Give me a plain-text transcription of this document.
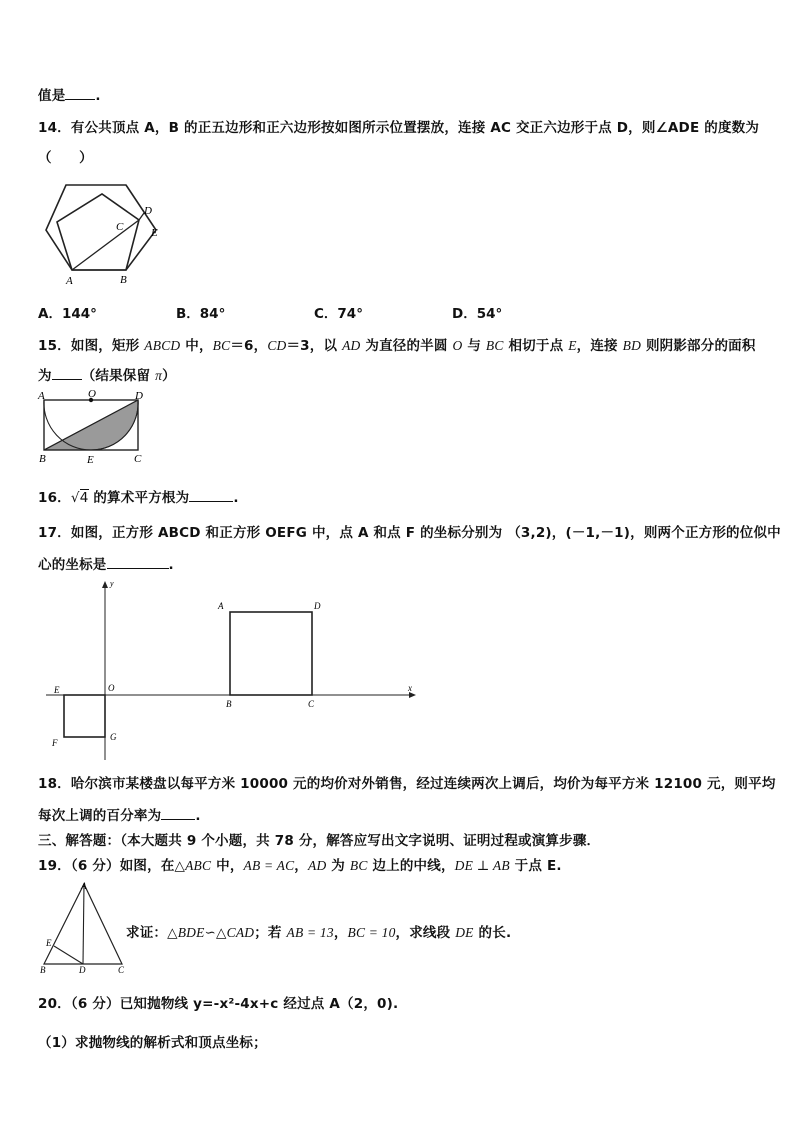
值是 .
14．有公共顶点 A，B 的正五边形和正六边形按如图所示位置摆放，连接 AC 交正六边形于点 D，则∠ADE 的度数为
（　　）
D
C	E
A	B
A．144°	B．84°	C．74°	D．54°
15．如图，矩形 ABCD 中，BC＝6，CD＝3，以 AD 为直径的半圆 O 与 BC 相切于点 E，连接 BD 则阴影部分的面积
为 （结果保留 π）
A	O	D
B	E	C
16．√4 的算术平方根为	.
17．如图，正方形 ABCD 和正方形 OEFG 中，点 A 和点 F 的坐标分别为 （3,2)，(－1,－1)，则两个正方形的位似中
心的坐标是	.
y
x
A	D
B	C
E	O
F
G
18．哈尔滨市某楼盘以每平方米 10000 元的均价对外销售，经过连续两次上调后，均价为每平方米 12100 元，则平均
每次上调的百分率为	.
三、解答题：（本大题共 9 个小题，共 78 分，解答应写出文字说明、证明过程或演算步骤．
19．（6 分）如图，在△ABC 中，AB = AC，AD 为 BC 边上的中线，DE ⊥ AB 于点 E.
A
E
B	D	C
求证：△BDE∽△CAD；若 AB = 13，BC = 10，求线段 DE 的长.
20．（6 分）已知抛物线 y=-x²-4x+c 经过点 A（2，0).
（1）求抛物线的解析式和顶点坐标；
